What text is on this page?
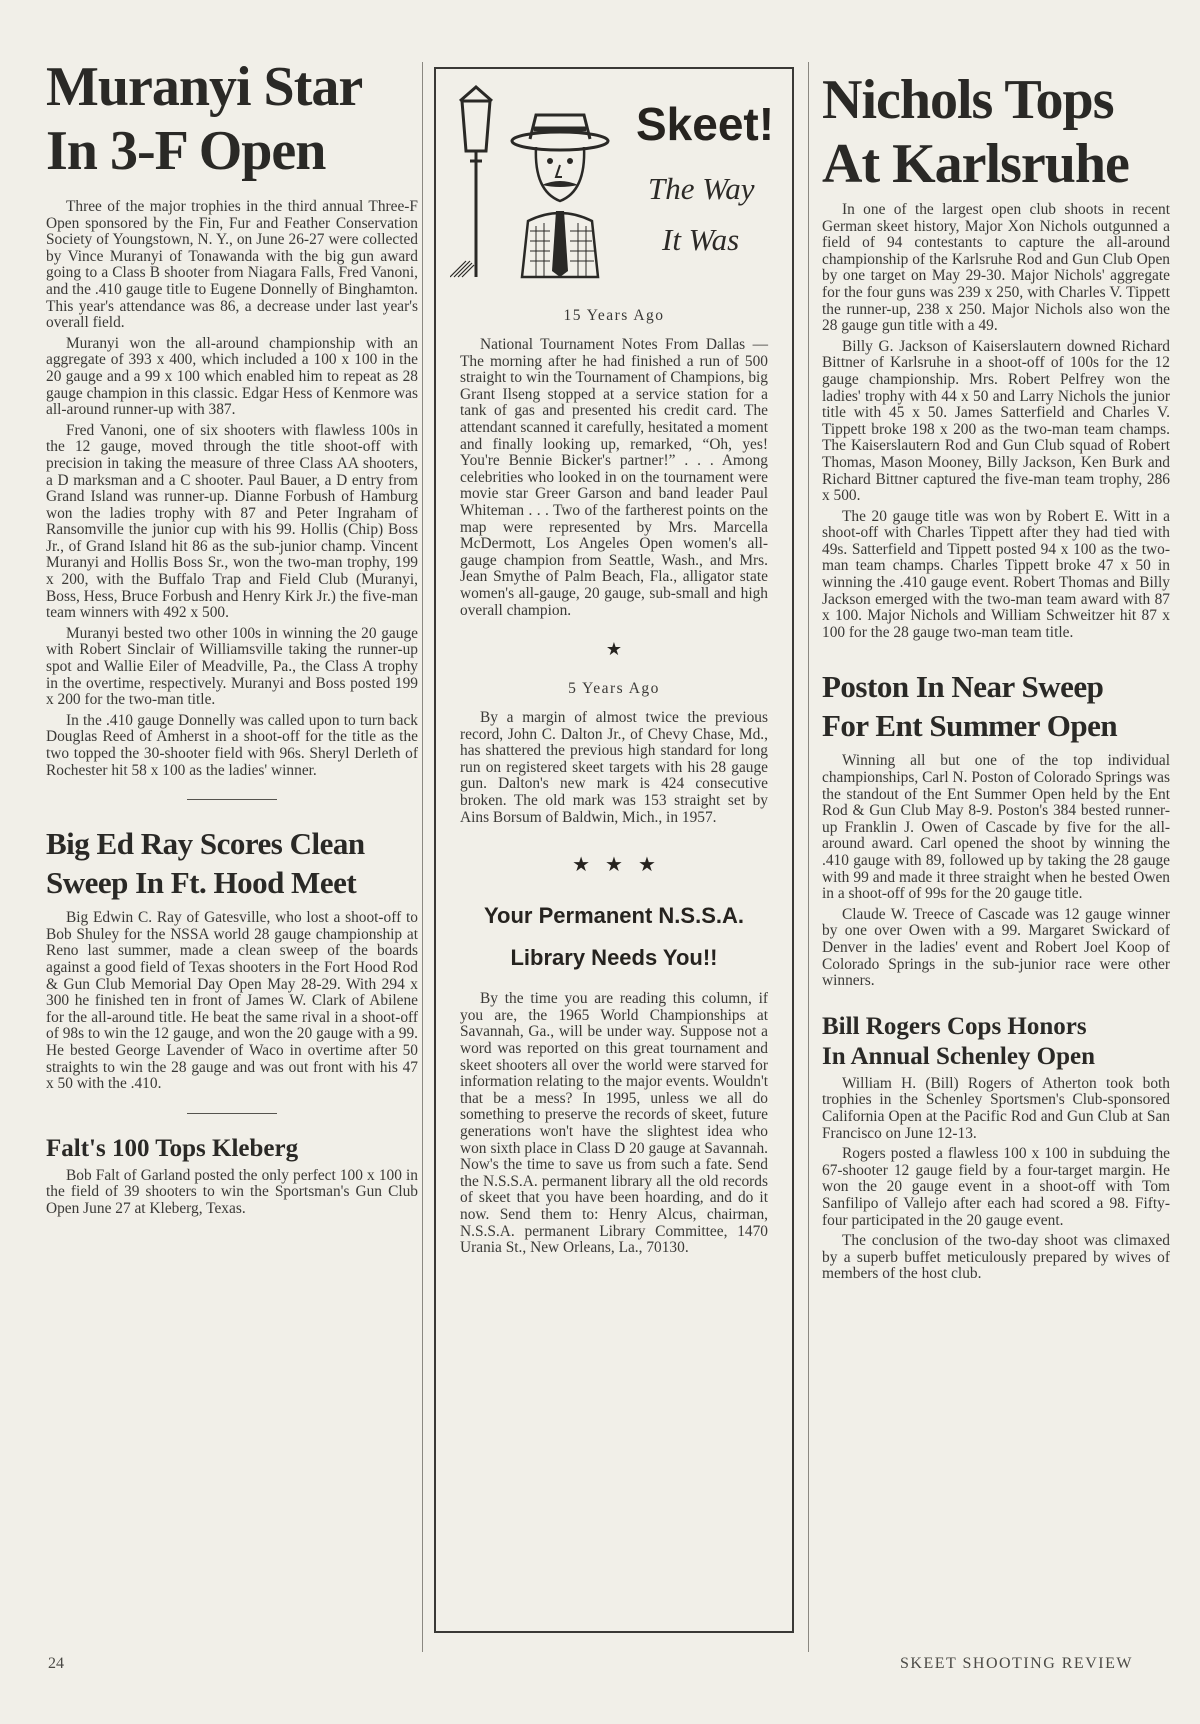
Muranyi Star
In 3-F Open

Three of the major trophies in the third annual Three-F Open sponsored by the Fin, Fur and Feather Conservation Society of Youngstown, N. Y., on June 26-27 were collected by Vince Muranyi of Tonawanda with the big gun award going to a Class B shooter from Niagara Falls, Fred Vanoni, and the .410 gauge title to Eugene Donnelly of Binghamton. This year's attendance was 86, a decrease under last year's overall field.

Muranyi won the all-around championship with an aggregate of 393 x 400, which included a 100 x 100 in the 20 gauge and a 99 x 100 which enabled him to repeat as 28 gauge champion in this classic. Edgar Hess of Kenmore was all-around runner-up with 387.

Fred Vanoni, one of six shooters with flawless 100s in the 12 gauge, moved through the title shoot-off with precision in taking the measure of three Class AA shooters, a D marksman and a C shooter. Paul Bauer, a D entry from Grand Island was runner-up. Dianne Forbush of Hamburg won the ladies trophy with 87 and Peter Ingraham of Ransomville the junior cup with his 99. Hollis (Chip) Boss Jr., of Grand Island hit 86 as the sub-junior champ. Vincent Muranyi and Hollis Boss Sr., won the two-man trophy, 199 x 200, with the Buffalo Trap and Field Club (Muranyi, Boss, Hess, Bruce Forbush and Henry Kirk Jr.) the five-man team winners with 492 x 500.

Muranyi bested two other 100s in winning the 20 gauge with Robert Sinclair of Williamsville taking the runner-up spot and Wallie Eiler of Meadville, Pa., the Class A trophy in the overtime, respectively. Muranyi and Boss posted 199 x 200 for the two-man title.

In the .410 gauge Donnelly was called upon to turn back Douglas Reed of Amherst in a shoot-off for the title as the two topped the 30-shooter field with 96s. Sheryl Derleth of Rochester hit 58 x 100 as the ladies' winner.

Big Ed Ray Scores Clean
Sweep In Ft. Hood Meet

Big Edwin C. Ray of Gatesville, who lost a shoot-off to Bob Shuley for the NSSA world 28 gauge championship at Reno last summer, made a clean sweep of the boards against a good field of Texas shooters in the Fort Hood Rod & Gun Club Memorial Day Open May 28-29. With 294 x 300 he finished ten in front of James W. Clark of Abilene for the all-around title. He beat the same rival in a shoot-off of 98s to win the 12 gauge, and won the 20 gauge with a 99. He bested George Lavender of Waco in overtime after 50 straights to win the 28 gauge and was out front with his 47 x 50 with the .410.

Falt's 100 Tops Kleberg

Bob Falt of Garland posted the only perfect 100 x 100 in the field of 39 shooters to win the Sportsman's Gun Club Open June 27 at Kleberg, Texas.

24
Skeet!
The Way
It Was
15 Years Ago

National Tournament Notes From Dallas — The morning after he had finished a run of 500 straight to win the Tournament of Champions, big Grant Ilseng stopped at a service station for a tank of gas and presented his credit card. The attendant scanned it carefully, hesitated a moment and finally looking up, remarked, “Oh, yes! You're Bennie Bicker's partner!” . . . Among celebrities who looked in on the tournament were movie star Greer Garson and band leader Paul Whiteman . . . Two of the fartherest points on the map were represented by Mrs. Marcella McDermott, Los Angeles Open women's all-gauge champion from Seattle, Wash., and Mrs. Jean Smythe of Palm Beach, Fla., alligator state women's all-gauge, 20 gauge, sub-small and high overall champion.

★
5 Years Ago

By a margin of almost twice the previous record, John C. Dalton Jr., of Chevy Chase, Md., has shattered the previous high standard for long run on registered skeet targets with his 28 gauge gun. Dalton's new mark is 424 consecutive broken. The old mark was 153 straight set by Ains Borsum of Baldwin, Mich., in 1957.

★   ★   ★
Your Permanent N.S.S.A.
Library Needs You!!

By the time you are reading this column, if you are, the 1965 World Championships at Savannah, Ga., will be under way. Suppose not a word was reported on this great tournament and skeet shooters all over the world were starved for information relating to the major events. Wouldn't that be a mess? In 1995, unless we all do something to preserve the records of skeet, future generations won't have the slightest idea who won sixth place in Class D 20 gauge at Savannah. Now's the time to save us from such a fate. Send the N.S.S.A. permanent library all the old records of skeet that you have been hoarding, and do it now. Send them to: Henry Alcus, chairman, N.S.S.A. permanent Library Committee, 1470 Urania St., New Orleans, La., 70130.

Nichols Tops
At Karlsruhe

In one of the largest open club shoots in recent German skeet history, Major Xon Nichols outgunned a field of 94 contestants to capture the all-around championship of the Karlsruhe Rod and Gun Club Open by one target on May 29-30. Major Nichols' aggregate for the four guns was 239 x 250, with Charles V. Tippett the runner-up, 238 x 250. Major Nichols also won the 28 gauge gun title with a 49.

Billy G. Jackson of Kaiserslautern downed Richard Bittner of Karlsruhe in a shoot-off of 100s for the 12 gauge championship. Mrs. Robert Pelfrey won the ladies' trophy with 44 x 50 and Larry Nichols the junior title with 45 x 50. James Satterfield and Charles V. Tippett broke 198 x 200 as the two-man team champs. The Kaiserslautern Rod and Gun Club squad of Robert Thomas, Mason Mooney, Billy Jackson, Ken Burk and Richard Bittner captured the five-man team trophy, 286 x 500.

The 20 gauge title was won by Robert E. Witt in a shoot-off with Charles Tippett after they had tied with 49s. Satterfield and Tippett posted 94 x 100 as the two-man team champs. Charles Tippett broke 47 x 50 in winning the .410 gauge event. Robert Thomas and Billy Jackson emerged with the two-man team award with 87 x 100. Major Nichols and William Schweitzer hit 87 x 100 for the 28 gauge two-man team title.

Poston In Near Sweep
For Ent Summer Open

Winning all but one of the top individual championships, Carl N. Poston of Colorado Springs was the standout of the Ent Summer Open held by the Ent Rod & Gun Club May 8-9. Poston's 384 bested runner-up Franklin J. Owen of Cascade by five for the all-around award. Carl opened the shoot by winning the .410 gauge with 89, followed up by taking the 28 gauge with 99 and made it three straight when he bested Owen in a shoot-off of 99s for the 20 gauge title.

Claude W. Treece of Cascade was 12 gauge winner by one over Owen with a 99. Margaret Swickard of Denver in the ladies' event and Robert Joel Koop of Colorado Springs in the sub-junior race were other winners.

Bill Rogers Cops Honors
In Annual Schenley Open

William H. (Bill) Rogers of Atherton took both trophies in the Schenley Sportsmen's Club-sponsored California Open at the Pacific Rod and Gun Club at San Francisco on June 12-13.

Rogers posted a flawless 100 x 100 in subduing the 67-shooter 12 gauge field by a four-target margin. He won the 20 gauge event in a shoot-off with Tom Sanfilipo of Vallejo after each had scored a 98. Fifty-four participated in the 20 gauge event.

The conclusion of the two-day shoot was climaxed by a superb buffet meticulously prepared by wives of members of the host club.

SKEET SHOOTING REVIEW
